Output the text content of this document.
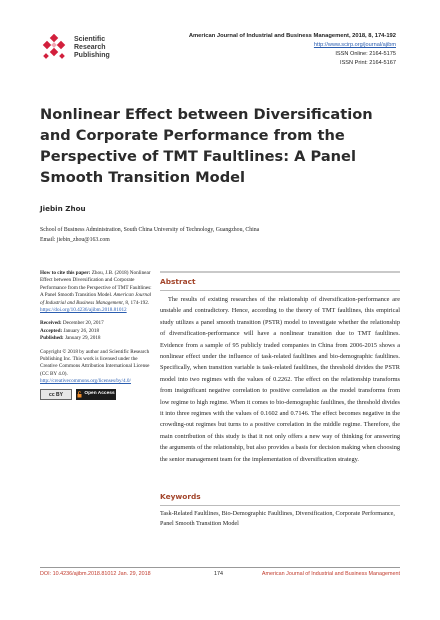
Scientific
Research
Publishing
American Journal of Industrial and Business Management, 2018, 8, 174-192
http://www.scirp.org/journal/ajibm
ISSN Online: 2164-5175
ISSN Print: 2164-5167
Nonlinear Effect between Diversification and Corporate Performance from the Perspective of TMT Faultlines: A Panel Smooth Transition Model
Jiebin Zhou
School of Business Administration, South China University of Technology, Guangzhou, China
Email: jiebin_zhou@163.com
How to cite this paper: Zhou, J.B. (2018) Nonlinear Effect between Diversification and Corporate Performance from the Perspective of TMT Faultlines: A Panel Smooth Transition Model. American Journal of Industrial and Business Management, 8, 174-192. https://doi.org/10.4236/ajibm.2018.81012
Received: December 20, 2017
Accepted: January 26, 2018
Published: January 29, 2018
Copyright © 2018 by author and Scientific Research Publishing Inc. This work is licensed under the Creative Commons Attribution International License (CC BY 4.0).
http://creativecommons.org/licenses/by/4.0/
cc BY	Open Access
Abstract
The results of existing researches of the relationship of diversification-performance are unstable and contradictory. Hence, according to the theory of TMT faultlines, this empirical study utilizes a panel smooth transition (PSTR) model to investigate whether the relationship of diversification-performance will have a nonlinear transition due to TMT faultlines. Evidence from a sample of 95 publicly traded companies in China from 2006-2015 shows a nonlinear effect under the influence of task-related faultlines and bio-demographic faultlines. Specifically, when transition variable is task-related faultlines, the threshold divides the PSTR model into two regimes with the values of 0.2262. The effect on the relationship transforms from insignificant negative correlation to positive correlation as the model transforms from low regime to high regime. When it comes to bio-demographic faultlines, the threshold divides it into three regimes with the values of 0.1602 and 0.7146. The effect becomes negative in the crowding-out regimes but turns to a positive correlation in the middle regime. Therefore, the main contribution of this study is that it not only offers a new way of thinking for answering the arguments of the relationship, but also provides a basis for decision making when choosing the senior management team for the implementation of diversification strategy.
Keywords
Task-Related Faultlines, Bio-Demographic Faultlines, Diversification, Corporate Performance, Panel Smooth Transition Model
DOI: 10.4236/ajibm.2018.81012 Jan. 29, 2018	174	American Journal of Industrial and Business Management
